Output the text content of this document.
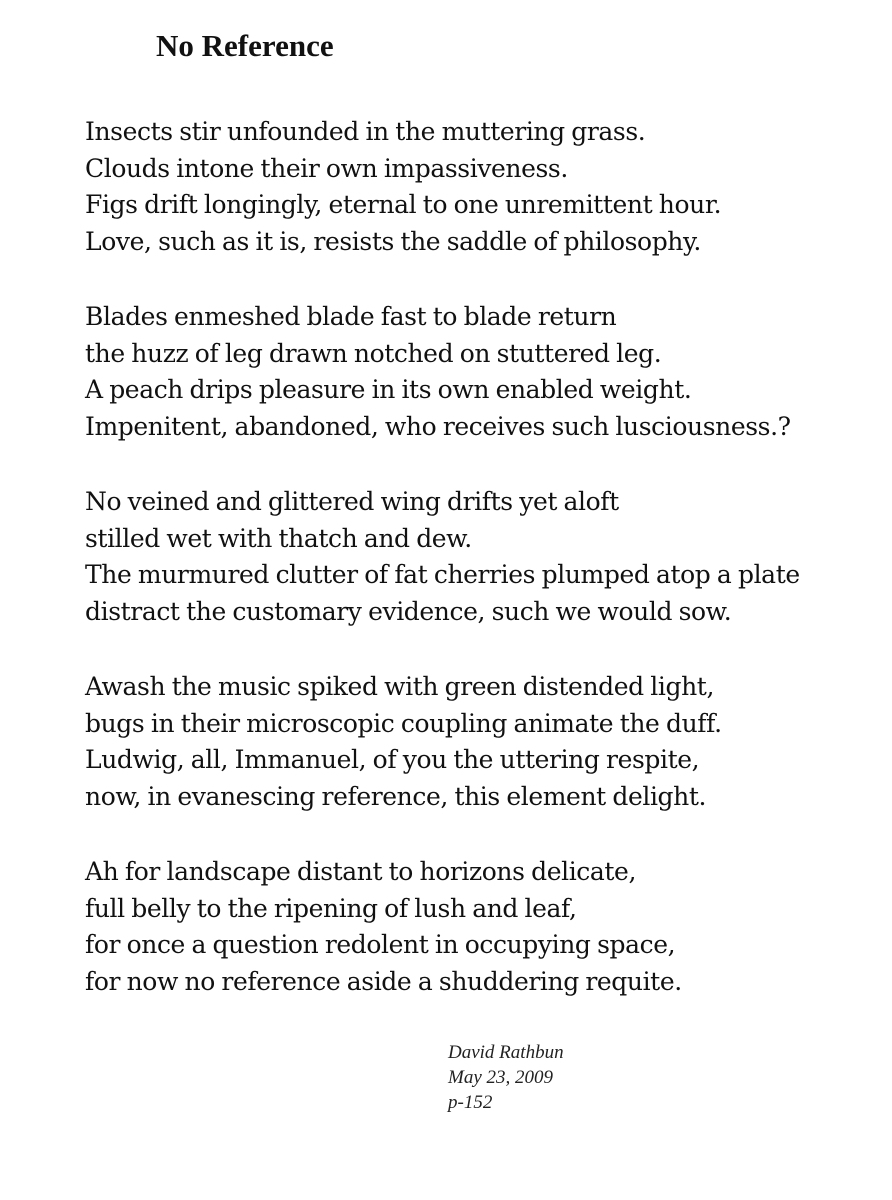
No Reference
Insects stir unfounded in the muttering grass.
Clouds intone their own impassiveness.
Figs drift longingly, eternal to one unremittent hour.
Love, such as it is, resists the saddle of philosophy.
Blades enmeshed blade fast to blade return
the huzz of leg drawn notched on stuttered leg.
A peach drips pleasure in its own enabled weight.
Impenitent, abandoned, who receives such lusciousness.?
No veined and glittered wing drifts yet aloft
stilled wet with thatch and dew.
The murmured clutter of fat cherries plumped atop a plate
distract the customary evidence, such we would sow.
Awash the music spiked with green distended light,
bugs in their microscopic coupling animate the duff.
Ludwig, all, Immanuel, of you the uttering respite,
now, in evanescing reference, this element delight.
Ah for landscape distant to horizons delicate,
full belly to the ripening of lush and leaf,
for once a question redolent in occupying space,
for now no reference aside a shuddering requite.
David Rathbun
May 23, 2009
p-152
